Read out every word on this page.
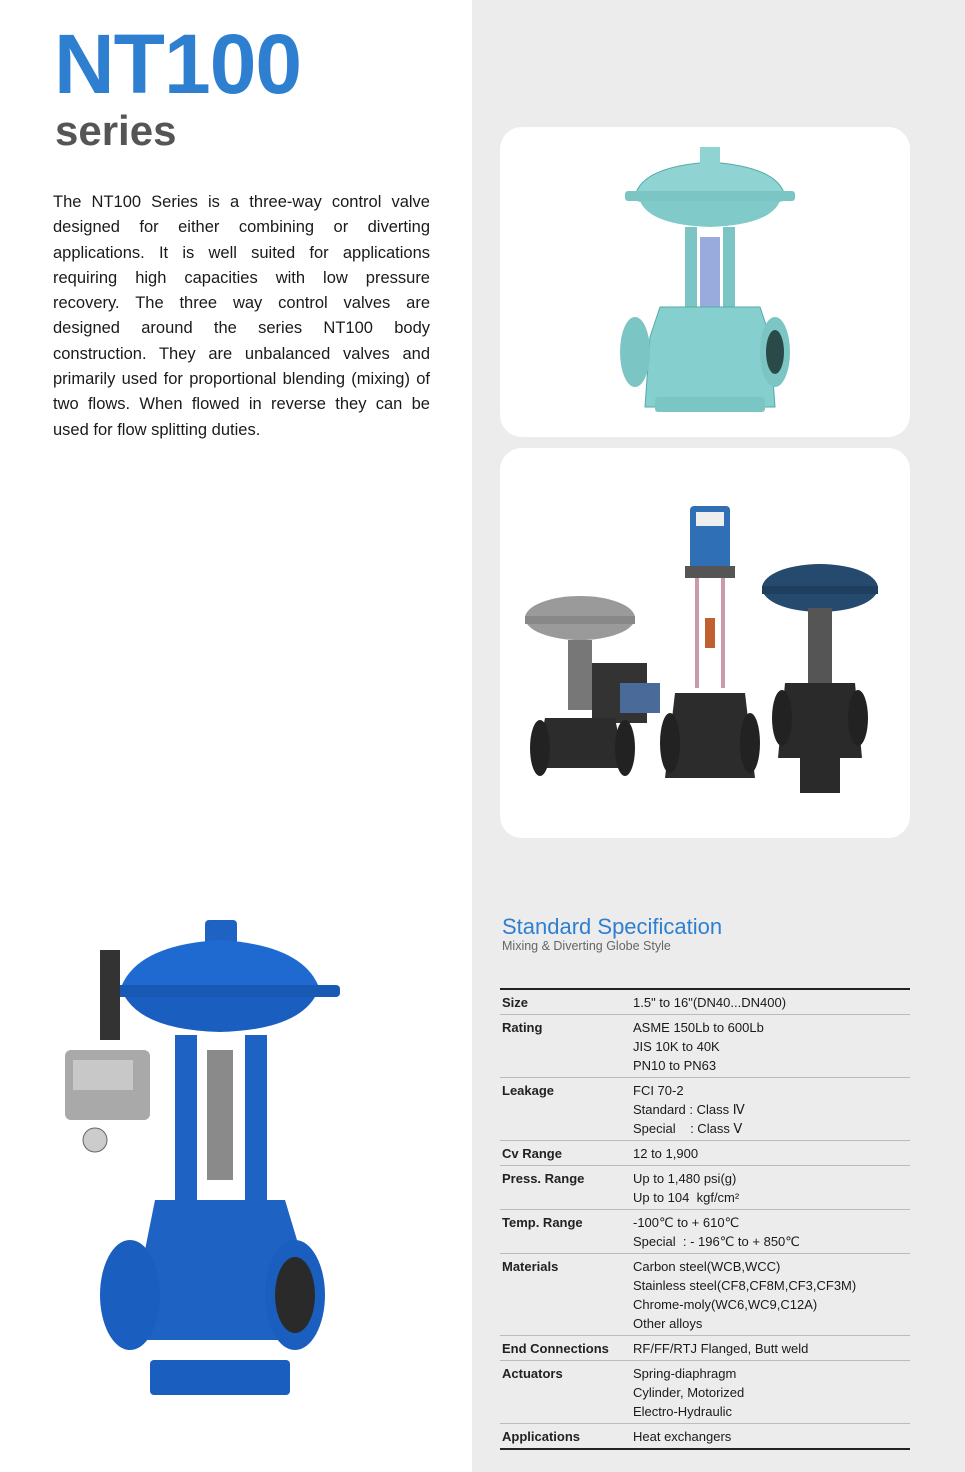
NT100
series
The NT100 Series is a three-way control valve designed for either combining or diverting applications. It is well suited for applications requiring high capacities with low pressure recovery. The three way control valves are designed around the series NT100 body construction. They are unbalanced valves and primarily used for proportional blending (mixing) of two flows. When flowed in reverse they can be used for flow splitting duties.
Standard Specification
Mixing & Diverting Globe Style
Size	1.5" to 16"(DN40...DN400)
Rating	ASME 150Lb to 600Lb
JIS 10K to 40K
PN10 to PN63
Leakage	FCI 70-2
Standard : Class Ⅳ
Special    : Class Ⅴ
Cv Range	12 to 1,900
Press. Range	Up to 1,480 psi(g)
Up to 104  kgf/cm²
Temp. Range	-100℃ to + 610℃
Special  : - 196℃ to + 850℃
Materials	Carbon steel(WCB,WCC)
Stainless steel(CF8,CF8M,CF3,CF3M)
Chrome-moly(WC6,WC9,C12A)
Other alloys
End Connections	RF/FF/RTJ Flanged, Butt weld
Actuators	Spring-diaphragm
Cylinder, Motorized
Electro-Hydraulic
Applications	Heat exchangers
